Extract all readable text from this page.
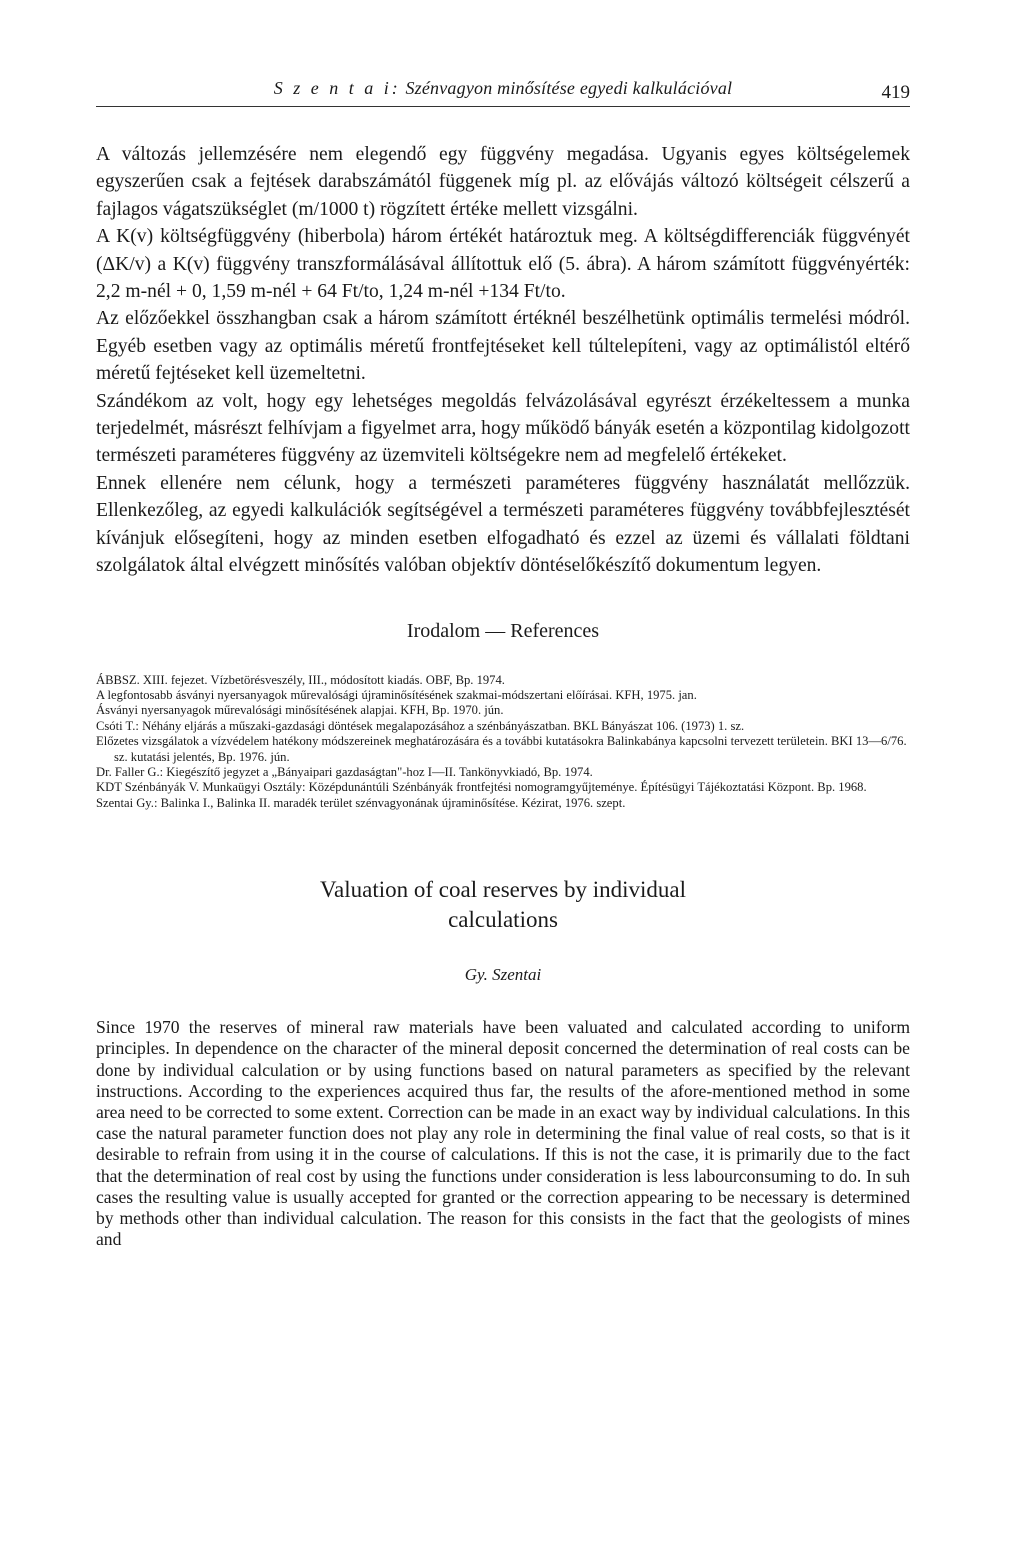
S z e n t a i: Szénvagyon minősítése egyedi kalkulációval	419

A változás jellemzésére nem elegendő egy függvény megadása. Ugyanis egyes költségelemek egyszerűen csak a fejtések darabszámától függenek míg pl. az elővájás változó költségeit célszerű a fajlagos vágatszükséglet (m/1000 t) rögzített értéke mellett vizsgálni.

A K(v) költségfüggvény (hiberbola) három értékét határoztuk meg. A költségdifferenciák függvényét (ΔK/v) a K(v) függvény transzformálásával állítottuk elő (5. ábra). A három számított függvényérték: 2,2 m-nél + 0, 1,59 m-nél + 64 Ft/to, 1,24 m-nél +134 Ft/to.

Az előzőekkel összhangban csak a három számított értéknél beszélhetünk optimális termelési módról. Egyéb esetben vagy az optimális méretű frontfejtéseket kell túltelepíteni, vagy az optimálistól eltérő méretű fejtéseket kell üzemeltetni.

Szándékom az volt, hogy egy lehetséges megoldás felvázolásával egyrészt érzékeltessem a munka terjedelmét, másrészt felhívjam a figyelmet arra, hogy működő bányák esetén a központilag kidolgozott természeti paraméteres függvény az üzemviteli költségekre nem ad megfelelő értékeket.

Ennek ellenére nem célunk, hogy a természeti paraméteres függvény használatát mellőzzük. Ellenkezőleg, az egyedi kalkulációk segítségével a természeti paraméteres függvény továbbfejlesztését kívánjuk elősegíteni, hogy az minden esetben elfogadható és ezzel az üzemi és vállalati földtani szolgálatok által elvégzett minősítés valóban objektív döntéselőkészítő dokumentum legyen.

Irodalom — References

ÁBBSZ. XIII. fejezet. Vízbetörésveszély, III., módosított kiadás. OBF, Bp. 1974.

A legfontosabb ásványi nyersanyagok műrevalósági újraminősítésének szakmai-módszertani előírásai. KFH, 1975. jan.

Ásványi nyersanyagok műrevalósági minősítésének alapjai. KFH, Bp. 1970. jún.

Csóti T.: Néhány eljárás a műszaki-gazdasági döntések megalapozásához a szénbányászatban. BKL Bányászat 106. (1973) 1. sz.

Előzetes vizsgálatok a vízvédelem hatékony módszereinek meghatározására és a további kutatásokra Balinkabánya kapcsolni tervezett területein. BKI 13—6/76. sz. kutatási jelentés, Bp. 1976. jún.

Dr. Faller G.: Kiegészítő jegyzet a „Bányaipari gazdaságtan"-hoz I—II. Tankönyvkiadó, Bp. 1974.

KDT Szénbányák V. Munkaügyi Osztály: Középdunántúli Szénbányák frontfejtési nomogramgyűjteménye. Építésügyi Tájékoztatási Központ. Bp. 1968.

Szentai Gy.: Balinka I., Balinka II. maradék terület szénvagyonának újraminősítése. Kézirat, 1976. szept.

Valuation of coal reserves by individual
calculations
Gy. Szentai

Since 1970 the reserves of mineral raw materials have been valuated and calculated according to uniform principles. In dependence on the character of the mineral deposit concerned the determination of real costs can be done by individual calculation or by using functions based on natural parameters as specified by the relevant instructions. According to the experiences acquired thus far, the results of the afore-mentioned method in some area need to be corrected to some extent. Correction can be made in an exact way by individual calculations. In this case the natural parameter function does not play any role in determining the final value of real costs, so that is it desirable to refrain from using it in the course of calculations. If this is not the case, it is primarily due to the fact that the determination of real cost by using the functions under consideration is less labourconsuming to do. In suh cases the resulting value is usually accepted for granted or the correction appearing to be necessary is determined by methods other than individual calculation. The reason for this consists in the fact that the geologists of mines and
